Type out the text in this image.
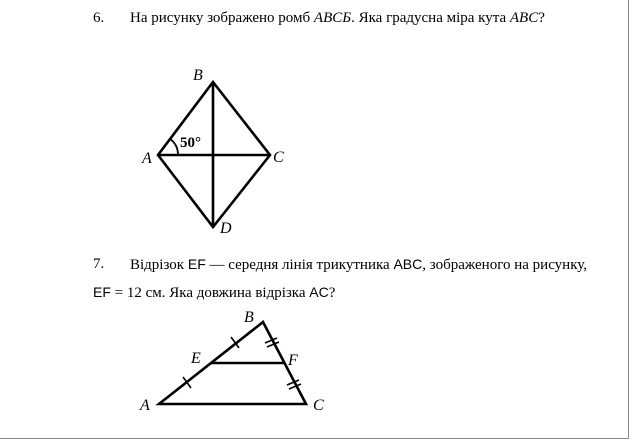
6. На рисунку зображено ромб ABCБ. Яка градусна міра кута ABC?
B
A	C
D
50°
B
E	F
A	C
7. Відрізок EF — середня лінія трикутника ABC, зображеного на рисунку,
EF = 12 см. Яка довжина відрізка AC?
